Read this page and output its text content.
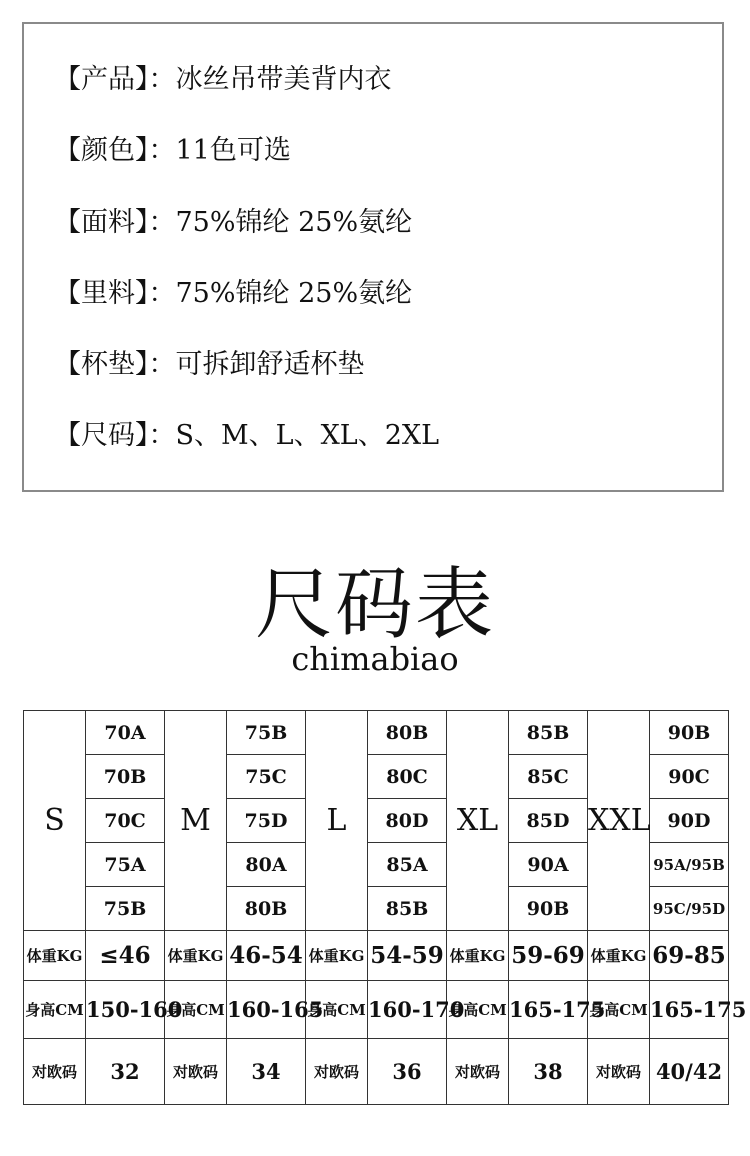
【产品】：冰丝吊带美背内衣
【颜色】：11色可选
【面料】：75%锦纶 25%氨纶
【里料】：75%锦纶 25%氨纶
【杯垫】：可拆卸舒适杯垫
【尺码】：S、M、L、XL、2XL
尺码表
chimabiao
S	70A	M	75B	L	80B	XL	85B	XXL	90B
	70B		75C		80C		85C		90C
	70C		75D		80D		85D		90D
	75A		80A		85A		90A		95A/95B
	75B		80B		85B		90B		95C/95D
体重KG	≤46	体重KG	46-54	体重KG	54-59	体重KG	59-69	体重KG	69-85
身高CM	150-160	身高CM	160-165	身高CM	160-170	身高CM	165-175	身高CM	165-175
对欧码	32	对欧码	34	对欧码	36	对欧码	38	对欧码	40/42
